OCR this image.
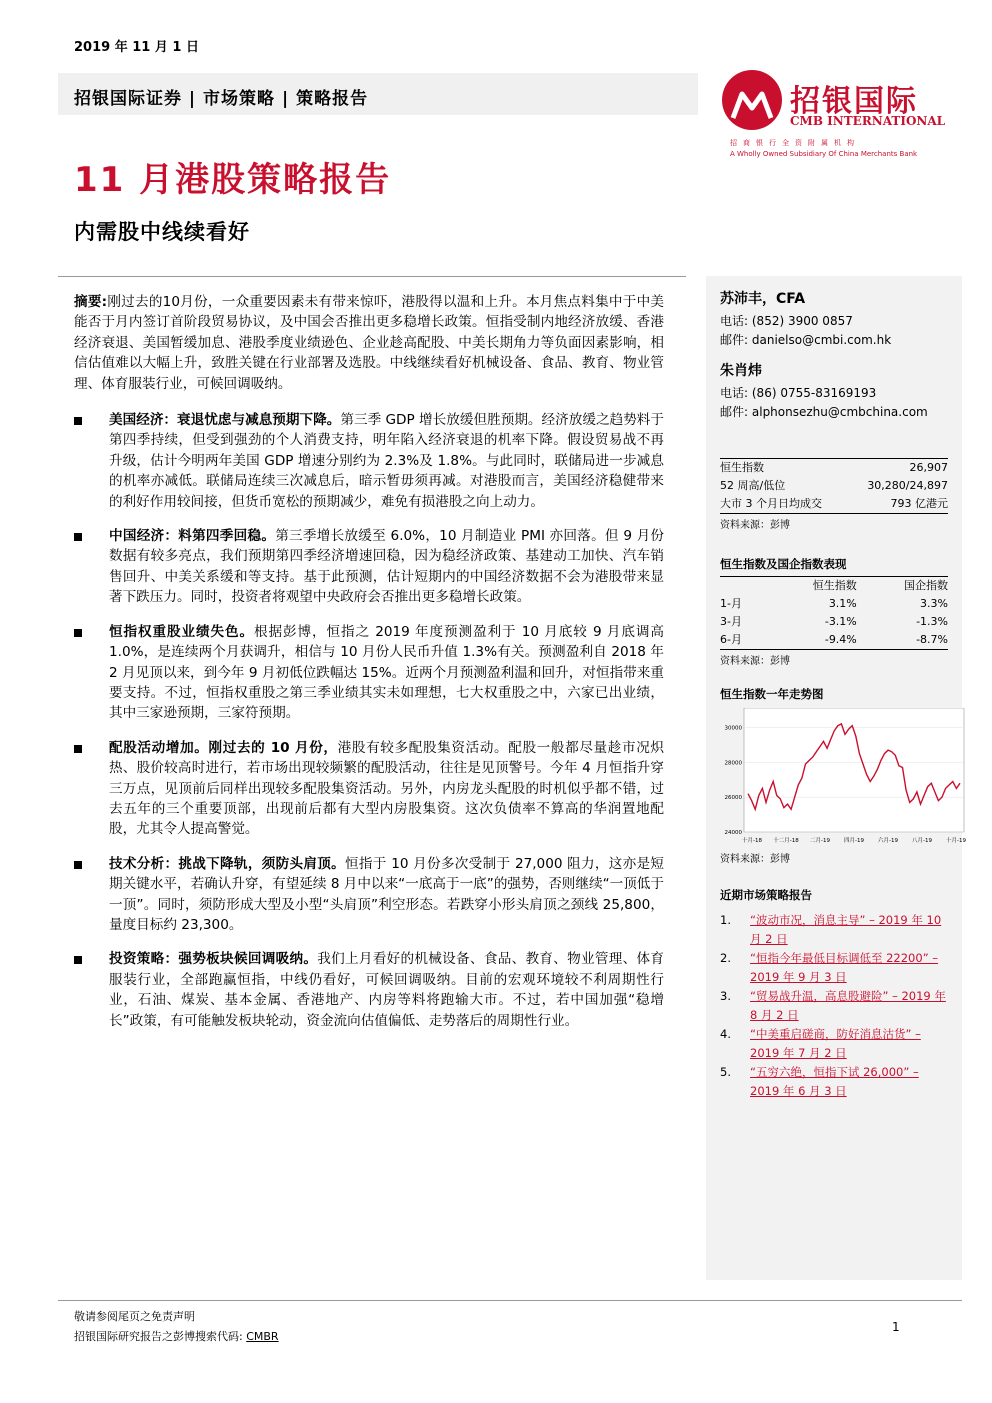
2019 年 11 月 1 日
招银国际证券 | 市场策略 | 策略报告	招银国际
CMB INTERNATIONAL
招商银行全资附属机构
A Wholly Owned Subsidiary Of China Merchants Bank
11 月港股策略报告
内需股中线续看好

摘要:刚过去的10月份，一众重要因素未有带来惊吓，港股得以温和上升。本月焦点料集中于中美能否于月内签订首阶段贸易协议，及中国会否推出更多稳增长政策。恒指受制内地经济放缓、香港经济衰退、美国暂缓加息、港股季度业绩逊色、企业趁高配股、中美长期角力等负面因素影响，相信估值难以大幅上升，致胜关键在行业部署及选股。中线继续看好机械设备、食品、教育、物业管理、体育服装行业，可候回调吸纳。

美国经济：衰退忧虑与减息预期下降。第三季 GDP 增长放缓但胜预期。经济放缓之趋势料于第四季持续，但受到强劲的个人消费支持，明年陷入经济衰退的机率下降。假设贸易战不再升级，估计今明两年美国 GDP 增速分别约为 2.3%及 1.8%。与此同时，联储局进一步减息的机率亦减低。联储局连续三次减息后，暗示暂毋须再减。对港股而言，美国经济稳健带来的利好作用较间接，但货币宽松的预期减少，难免有损港股之向上动力。
中国经济：料第四季回稳。第三季增长放缓至 6.0%，10 月制造业 PMI 亦回落。但 9 月份数据有较多亮点，我们预期第四季经济增速回稳，因为稳经济政策、基建动工加快、汽车销售回升、中美关系缓和等支持。基于此预测，估计短期内的中国经济数据不会为港股带来显著下跌压力。同时，投资者将观望中央政府会否推出更多稳增长政策。
恒指权重股业绩失色。根据彭博，恒指之 2019 年度预测盈利于 10 月底较 9 月底调高 1.0%，是连续两个月获调升，相信与 10 月份人民币升值 1.3%有关。预测盈利自 2018 年 2 月见顶以来，到今年 9 月初低位跌幅达 15%。近两个月预测盈利温和回升，对恒指带来重要支持。不过，恒指权重股之第三季业绩其实未如理想，七大权重股之中，六家已出业绩，其中三家逊预期，三家符预期。
配股活动增加。刚过去的 10 月份，港股有较多配股集资活动。配股一般都尽量趁市况炽热、股价较高时进行，若市场出现较频繁的配股活动，往往是见顶警号。今年 4 月恒指升穿三万点，见顶前后同样出现较多配股集资活动。另外，内房龙头配股的时机似乎都不错，过去五年的三个重要顶部，出现前后都有大型内房股集资。这次负债率不算高的华润置地配股，尤其令人提高警觉。
技术分析：挑战下降轨，须防头肩顶。恒指于 10 月份多次受制于 27,000 阻力，这亦是短期关键水平，若确认升穿，有望延续 8 月中以来“一底高于一底”的强势，否则继续“一顶低于一顶”。同时，须防形成大型及小型“头肩顶”利空形态。若跌穿小形头肩顶之颈线 25,800，量度目标约 23,300。
投资策略：强势板块候回调吸纳。我们上月看好的机械设备、食品、教育、物业管理、体育服装行业，全部跑赢恒指，中线仍看好，可候回调吸纳。目前的宏观环境较不利周期性行业，石油、煤炭、基本金属、香港地产、内房等料将跑输大市。不过，若中国加强“稳增长”政策，有可能触发板块轮动，资金流向估值偏低、走势落后的周期性行业。
苏沛丰，CFA
电话: (852) 3900 0857
邮件: danielso@cmbi.com.hk
朱肖炜
电话: (86) 0755-83169193
邮件: alphonsezhu@cmbchina.com
恒生指数	26,907
52 周高/低位	30,280/24,897
大市 3 个月日均成交	793 亿港元
资料来源：彭博
恒生指数及国企指数表现
	恒生指数	国企指数
1-月	3.1%	3.3%
3-月	-3.1%	-1.3%
6-月	-9.4%	-8.7%
资料来源：彭博
恒生指数一年走势图
24000
26000
28000
30000
十月-18 十二月-18 二月-19	四月-19	六月-19	八月-19	十月-19
资料来源：彭博
近期市场策略报告
1. “波动市况，消息主导” – 2019 年 10 月 2 日
2. “恒指今年最低目标调低至 22200” – 2019 年 9 月 3 日
3. “贸易战升温，高息股避险” – 2019 年 8 月 2 日
4. “中美重启磋商，防好消息沽货” – 2019 年 7 月 2 日
5. “五穷六绝，恒指下试 26,000” – 2019 年 6 月 3 日
敬请参阅尾页之免责声明
招银国际研究报告之彭博搜索代码: CMBR
1
